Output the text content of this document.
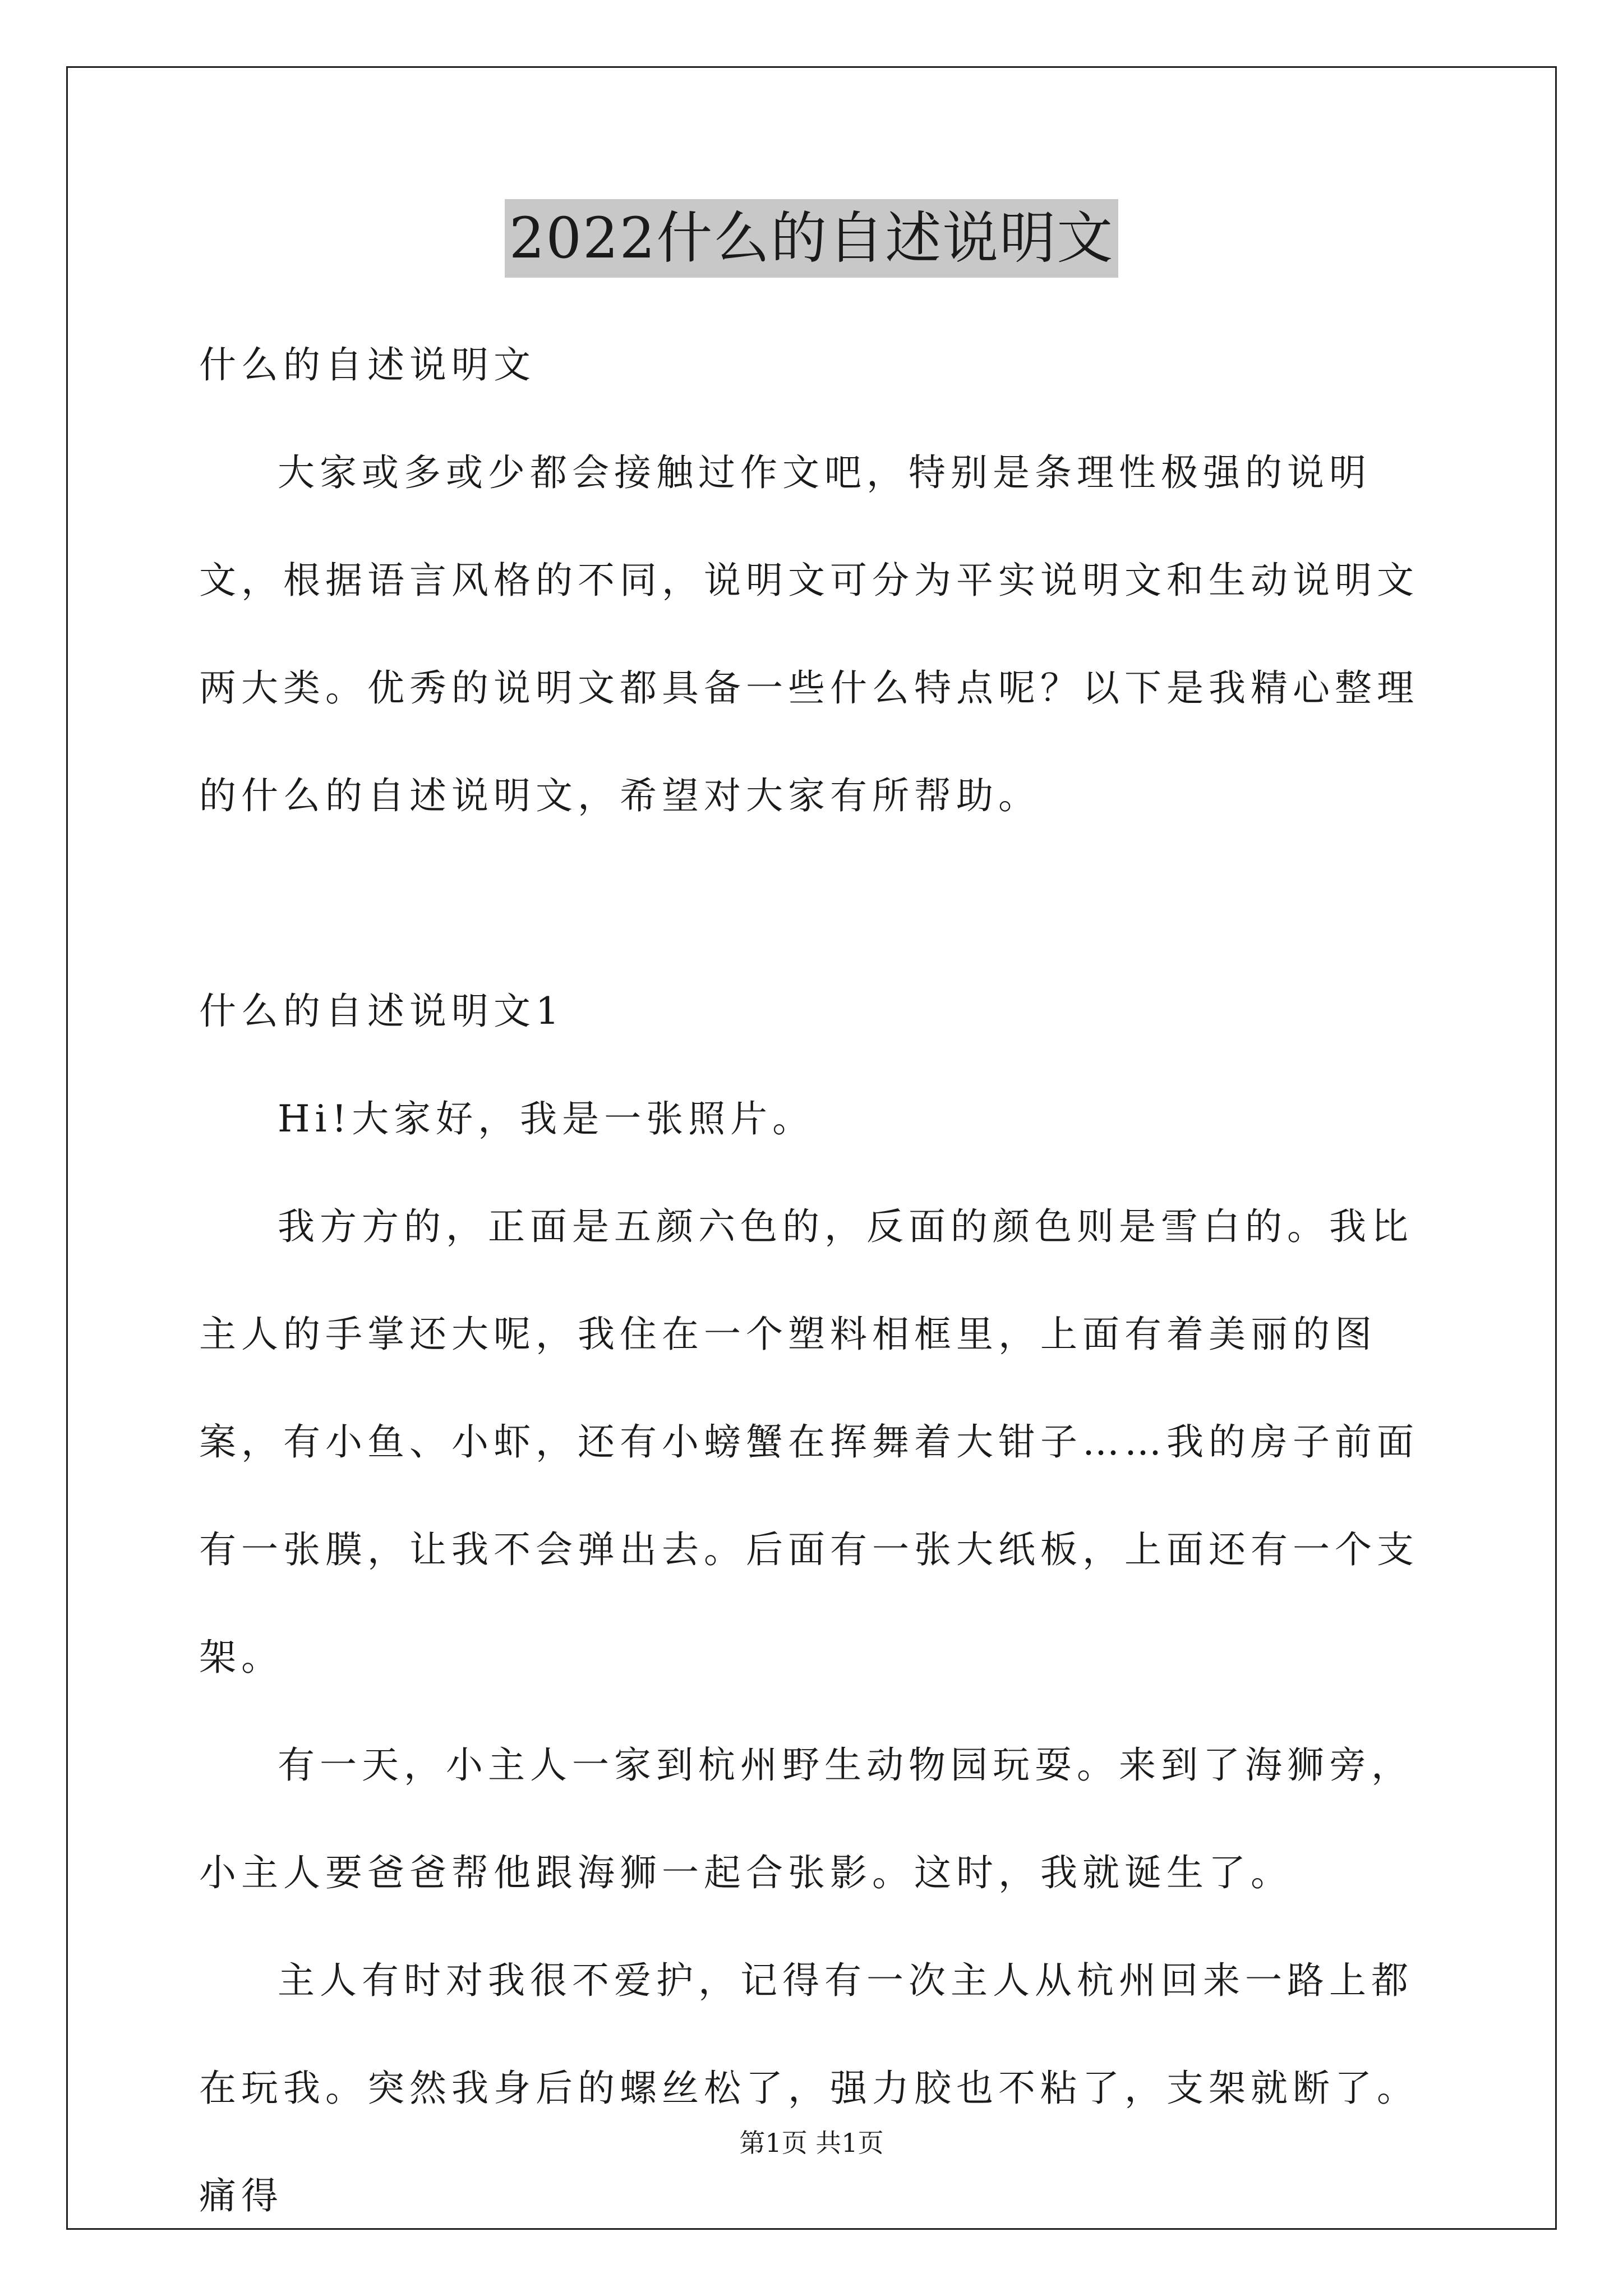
2022什么的自述说明文

什么的自述说明文

大家或多或少都会接触过作文吧，特别是条理性极强的说明文，根据语言风格的不同，说明文可分为平实说明文和生动说明文两大类。优秀的说明文都具备一些什么特点呢？以下是我精心整理的什么的自述说明文，希望对大家有所帮助。

什么的自述说明文1

Hi!大家好，我是一张照片。

我方方的，正面是五颜六色的，反面的颜色则是雪白的。我比主人的手掌还大呢，我住在一个塑料相框里，上面有着美丽的图案，有小鱼、小虾，还有小螃蟹在挥舞着大钳子……我的房子前面有一张膜，让我不会弹出去。后面有一张大纸板，上面还有一个支架。

有一天，小主人一家到杭州野生动物园玩耍。来到了海狮旁，小主人要爸爸帮他跟海狮一起合张影。这时，我就诞生了。

主人有时对我很不爱护，记得有一次主人从杭州回来一路上都在玩我。突然我身后的螺丝松了，强力胶也不粘了，支架就断了。痛得

第1页 共1页
